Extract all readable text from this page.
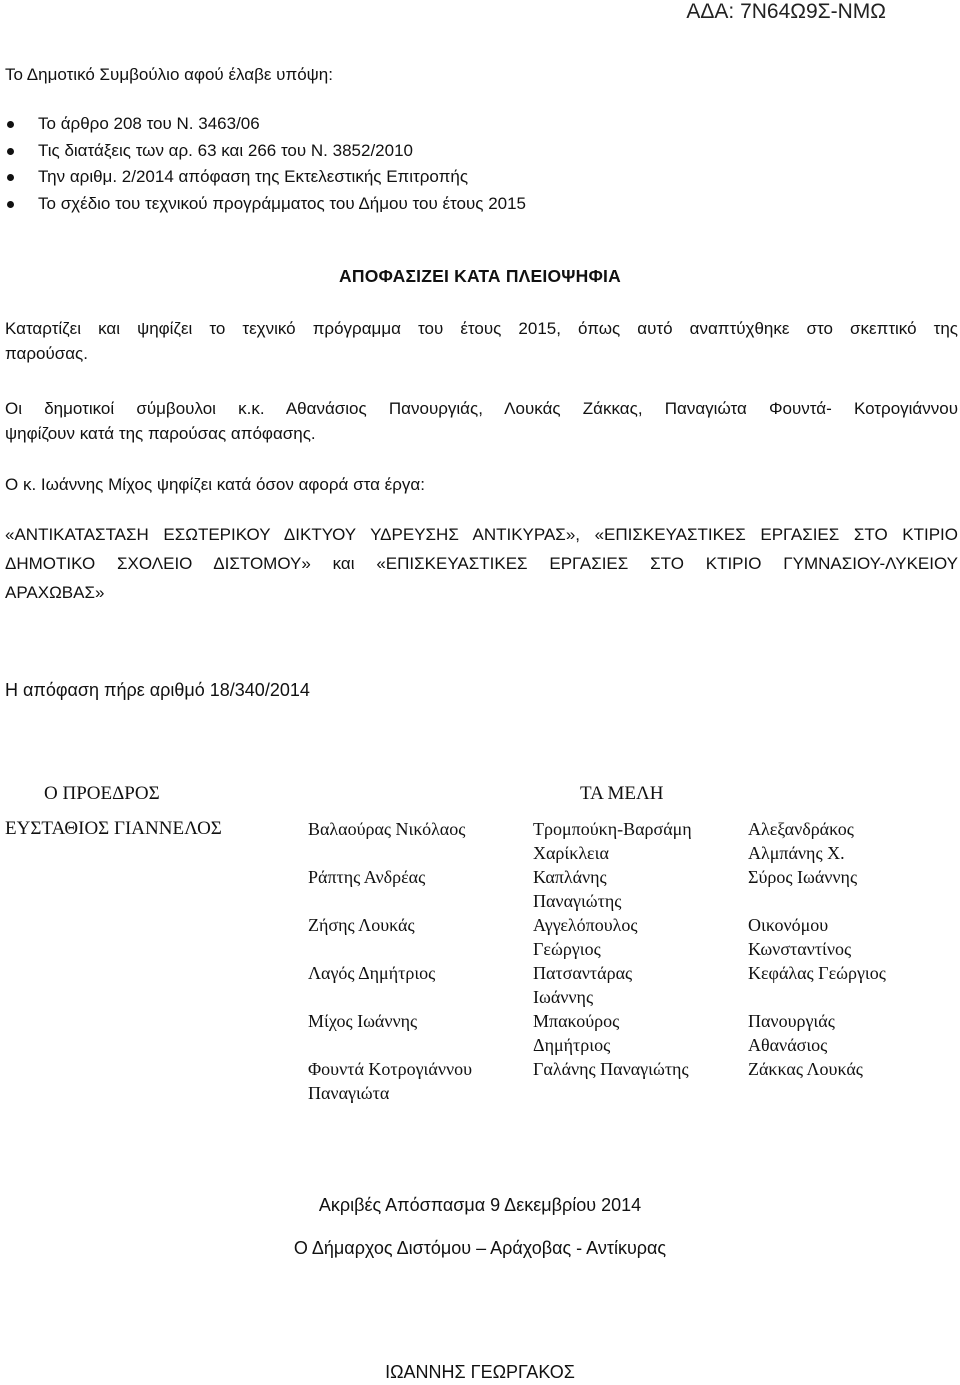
ΑΔΑ: 7Ν64Ω9Σ-ΝΜΩ
Το Δημοτικό Συμβούλιο αφού έλαβε υπόψη:
Το άρθρο 208 του Ν. 3463/06
Τις διατάξεις των αρ. 63 και 266 του Ν. 3852/2010
Την αριθμ. 2/2014 απόφαση της Εκτελεστικής Επιτροπής
Το σχέδιο του τεχνικού προγράμματος του Δήμου του έτους 2015
ΑΠΟΦΑΣΙΖΕΙ ΚΑΤΑ ΠΛΕΙΟΨΗΦΙΑ
Καταρτίζει και ψηφίζει το τεχνικό πρόγραμμα του έτους 2015, όπως αυτό αναπτύχθηκε στο σκεπτικό της
παρούσας.
Οι δημοτικοί σύμβουλοι κ.κ. Αθανάσιος Πανουργιάς, Λουκάς Ζάκκας, Παναγιώτα Φουντά- Κοτρογιάννου
ψηφίζουν κατά της παρούσας απόφασης.
Ο κ. Ιωάννης Μίχος ψηφίζει κατά όσον αφορά στα έργα:
«ΑΝΤΙΚΑΤΑΣΤΑΣΗ ΕΣΩΤΕΡΙΚΟΥ ΔΙΚΤΥΟΥ ΥΔΡΕΥΣΗΣ ΑΝΤΙΚΥΡΑΣ», «ΕΠΙΣΚΕΥΑΣΤΙΚΕΣ ΕΡΓΑΣΙΕΣ ΣΤΟ ΚΤΙΡΙΟ
ΔΗΜΟΤΙΚΟ ΣΧΟΛΕΙΟ ΔΙΣΤΟΜΟΥ» και «ΕΠΙΣΚΕΥΑΣΤΙΚΕΣ ΕΡΓΑΣΙΕΣ ΣΤΟ ΚΤΙΡΙΟ ΓΥΜΝΑΣΙΟΥ-ΛΥΚΕΙΟΥ
ΑΡΑΧΩΒΑΣ»
Η απόφαση πήρε αριθμό 18/340/2014
Ο ΠΡΟΕΔΡΟΣ	ΤΑ ΜΕΛΗ
ΕΥΣΤΑΘΙΟΣ ΓΙΑΝΝΕΛΟΣ	Βαλαούρας Νικόλαος
Ράπτης Ανδρέας
Ζήσης Λουκάς
Λαγός Δημήτριος
Μίχος Ιωάννης
Φουντά Κοτρογιάννου Παναγιώτα
Τρομπούκη-Βαρσάμη Χαρίκλεια
Καπλάνης Παναγιώτης
Αγγελόπουλος Γεώργιος
Πατσαντάρας Ιωάννης
Μπακούρος Δημήτριος
Γαλάνης Παναγιώτης
Αλεξανδράκος Αλμπάνης Χ.
Σύρος Ιωάννης
Οικονόμου Κωνσταντίνος
Κεφάλας Γεώργιος
Πανουργιάς Αθανάσιος
Ζάκκας Λουκάς
Ακριβές Απόσπασμα 9 Δεκεμβρίου 2014
Ο Δήμαρχος Διστόμου – Αράχοβας - Αντίκυρας
ΙΩΑΝΝΗΣ ΓΕΩΡΓΑΚΟΣ
